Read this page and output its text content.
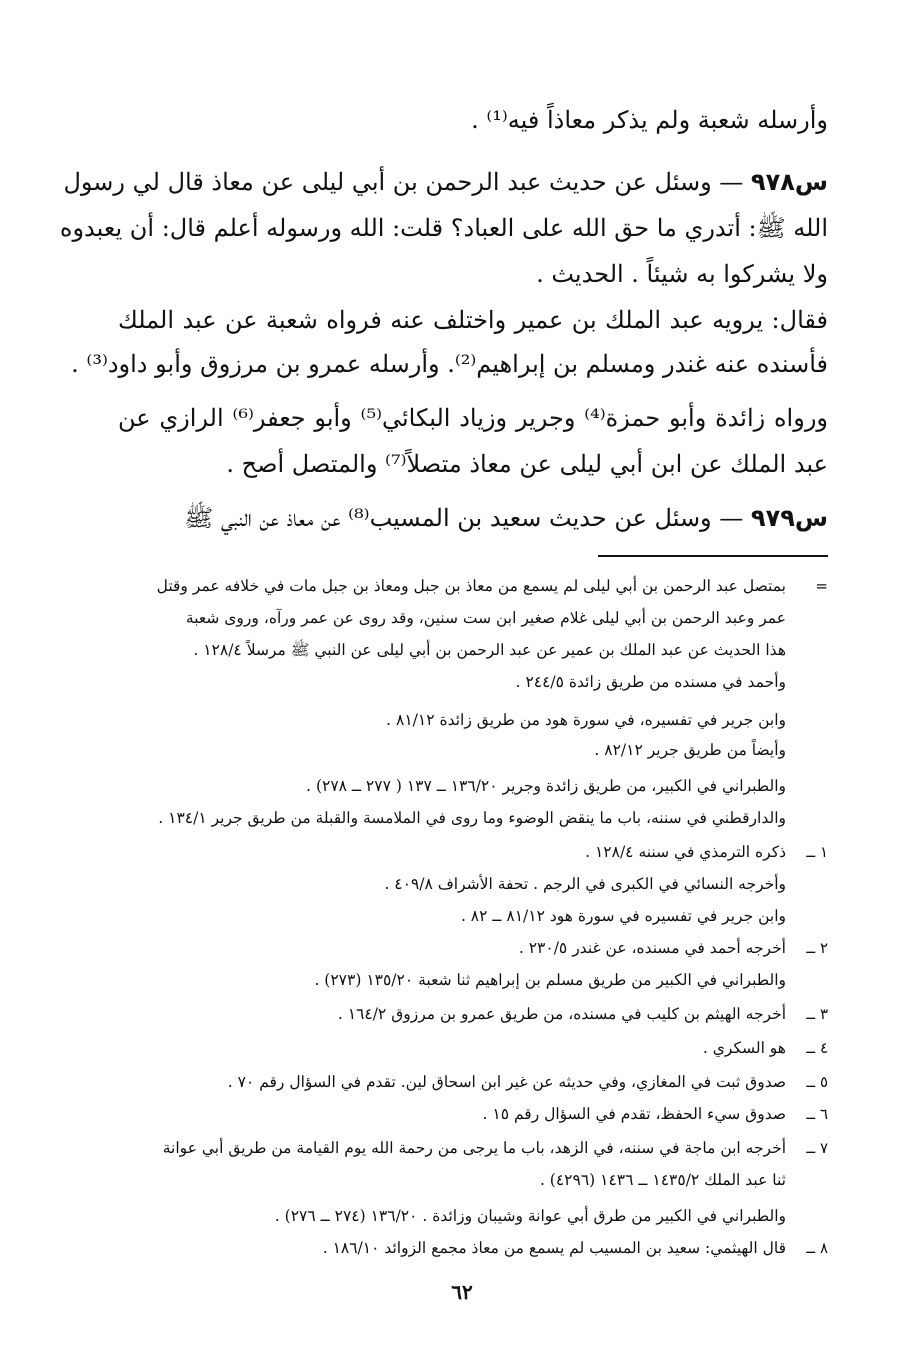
وأرسله شعبة ولم يذكر معاذاً فيه⁽¹⁾ .
س٩٧٨ — وسئل عن حديث عبد الرحمن بن أبي ليلى عن معاذ قال لي رسول
الله ﷺ: أتدري ما حق الله على العباد؟ قلت: الله ورسوله أعلم قال: أن يعبدوه
ولا يشركوا به شيئاً . الحديث .
فقال: يرويه عبد الملك بن عمير واختلف عنه فرواه شعبة عن عبد الملك
فأسنده عنه غندر ومسلم بن إبراهيم⁽²⁾. وأرسله عمرو بن مرزوق وأبو داود⁽³⁾ .
ورواه زائدة وأبو حمزة⁽⁴⁾ وجرير وزياد البكائي⁽⁵⁾ وأبو جعفر⁽⁶⁾ الرازي عن
عبد الملك عن ابن أبي ليلى عن معاذ متصلاً⁽⁷⁾ والمتصل أصح .
س٩٧٩ — وسئل عن حديث سعيد بن المسيب⁽⁸⁾ عن معاذ عن النبي ﷺ
=بمتصل عبد الرحمن بن أبي ليلى لم يسمع من معاذ بن جبل ومعاذ بن جبل مات في خلافه عمر وقتل
عمر وعبد الرحمن بن أبي ليلى غلام صغير ابن ست سنين، وقد روى عن عمر ورآه، وروى شعبة
هذا الحديث عن عبد الملك بن عمير عن عبد الرحمن بن أبي ليلى عن النبي ﷺ مرسلاً ١٢٨/٤ .
وأحمد في مسنده من طريق زائدة ٢٤٤/٥ .
وابن جرير في تفسيره، في سورة هود من طريق زائدة ٨١/١٢ .
وأيضاً من طريق جرير ٨٢/١٢ .
والطبراني في الكبير، من طريق زائدة وجرير ١٣٦/٢٠ ــ ١٣٧ ( ٢٧٧ ــ ٢٧٨) .
والدارقطني في سننه، باب ما ينقض الوضوء وما روى في الملامسة والقبلة من طريق جرير ١٣٤/١ .
١ ــذكره الترمذي في سننه ١٢٨/٤ .
وأخرجه النسائي في الكبرى في الرجم . تحفة الأشراف ٤٠٩/٨ .
وابن جرير في تفسيره في سورة هود ٨١/١٢ ــ ٨٢ .
٢ ــأخرجه أحمد في مسنده، عن غندر ٢٣٠/٥ .
والطبراني في الكبير من طريق مسلم بن إبراهيم ثنا شعبة ١٣٥/٢٠ (٢٧٣) .
٣ ــأخرجه الهيثم بن كليب في مسنده، من طريق عمرو بن مرزوق ١٦٤/٢ .
٤ ــهو السكري .
٥ ــصدوق ثبت في المغازي، وفي حديثه عن غير ابن اسحاق لين. تقدم في السؤال رقم ٧٠ .
٦ ــصدوق سيء الحفظ، تقدم في السؤال رقم ١٥ .
٧ ــأخرجه ابن ماجة في سننه، في الزهد، باب ما يرجى من رحمة الله يوم القيامة من طريق أبي عوانة
ثنا عبد الملك ١٤٣٥/٢ ــ ١٤٣٦ (٤٢٩٦) .
والطبراني في الكبير من طرق أبي عوانة وشيبان وزائدة . ١٣٦/٢٠ (٢٧٤ ــ ٢٧٦) .
٨ ــقال الهيثمي: سعيد بن المسيب لم يسمع من معاذ مجمع الزوائد ١٨٦/١٠ .
٦٢
